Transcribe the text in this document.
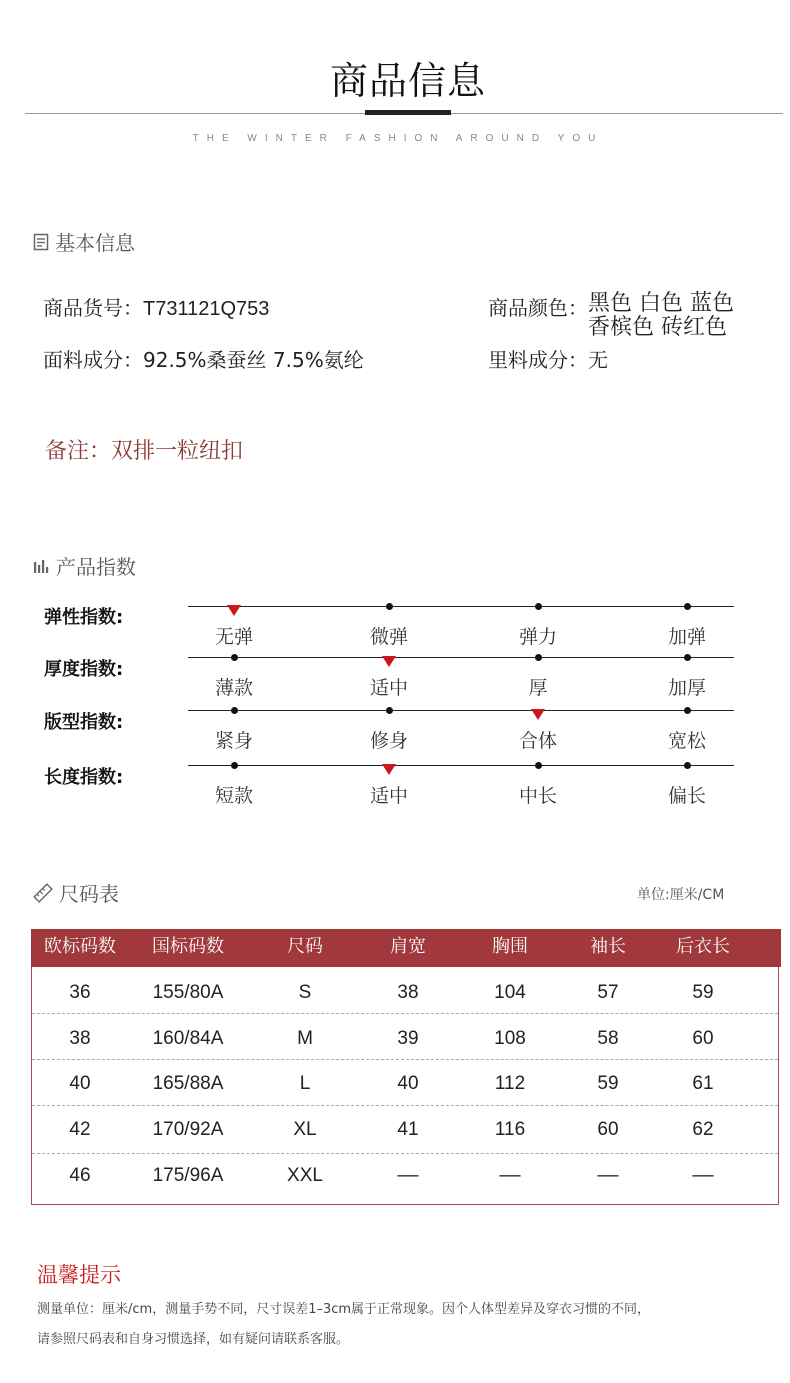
商品信息
THE WINTER FASHION AROUND YOU
基本信息
商品货号：T731121Q753
面料成分：92.5%桑蚕丝 7.5%氨纶
商品颜色：黑色 白色 蓝色
香槟色 砖红色
里料成分：无
备注：双排一粒纽扣
产品指数
弹性指数:
无弹	微弹	弹力	加弹
厚度指数:
薄款	适中	厚	加厚
版型指数:
紧身	修身	合体	宽松
长度指数:
短款	适中	中长	偏长
尺码表	单位:厘米/CM
欧标码数	国标码数	尺码	肩宽	胸围	袖长	后衣长
36	155/80A	S	38	104	57	59
38	160/84A	M	39	108	58	60
40	165/88A	L	40	112	59	61
42	170/92A	XL	41	116	60	62
46	175/96A	XXL	––	––	––	––
温馨提示
测量单位：厘米/cm，测量手势不同，尺寸误差1–3cm属于正常现象。因个人体型差异及穿衣习惯的不同，
请参照尺码表和自身习惯选择，如有疑问请联系客服。
